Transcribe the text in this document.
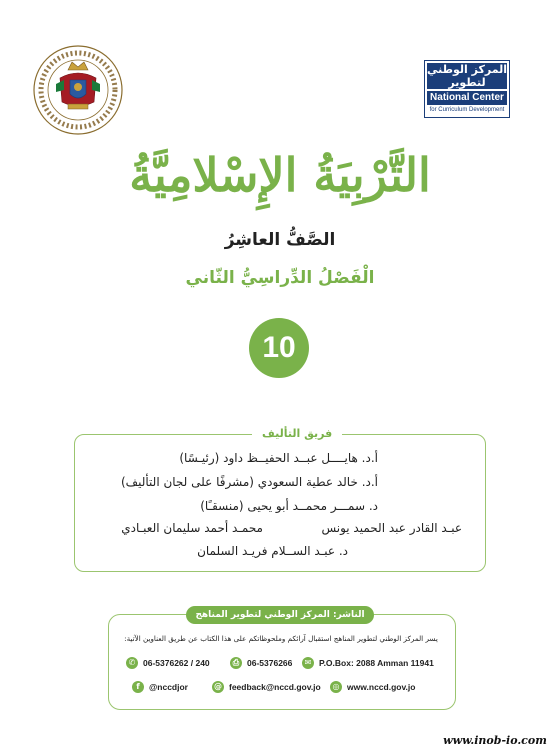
المركز الوطني لتطوير
National Center
for Curriculum Development
التَّرْبِيَةُ الإِسْلامِيَّةُ
الصَّفُّ العاشِرُ
الْفَصْلُ الدِّراسِيُّ الثّاني
10
فريق التأليف
أ.د. هايــــل عبــد الحفيــظ داود (رئيـسًا)
أ.د. خالد عطية السعودي (مشرفًا على لجان التأليف)
د. سمـــر محمــد أبو يحيى (منسقـًا)
عبـد القادر عبد الحميد يونس
محمـد أحمد سليمان العبـادي
د. عبـد الســلام فريـد السلمان
الناشر: المركز الوطني لتطوير المناهج
يسر المركز الوطني لتطوير المناهج استقبال آرائكم وملحوظاتكم على هذا الكتاب عن طريق العناوين الآتية:
✆ 06-5376262 / 240	⎙ 06-5376266	✉ P.O.Box: 2088 Amman 11941
f	@nccdjor	@ feedback@nccd.gov.jo	◎ www.nccd.gov.jo
www.inob-io.com
